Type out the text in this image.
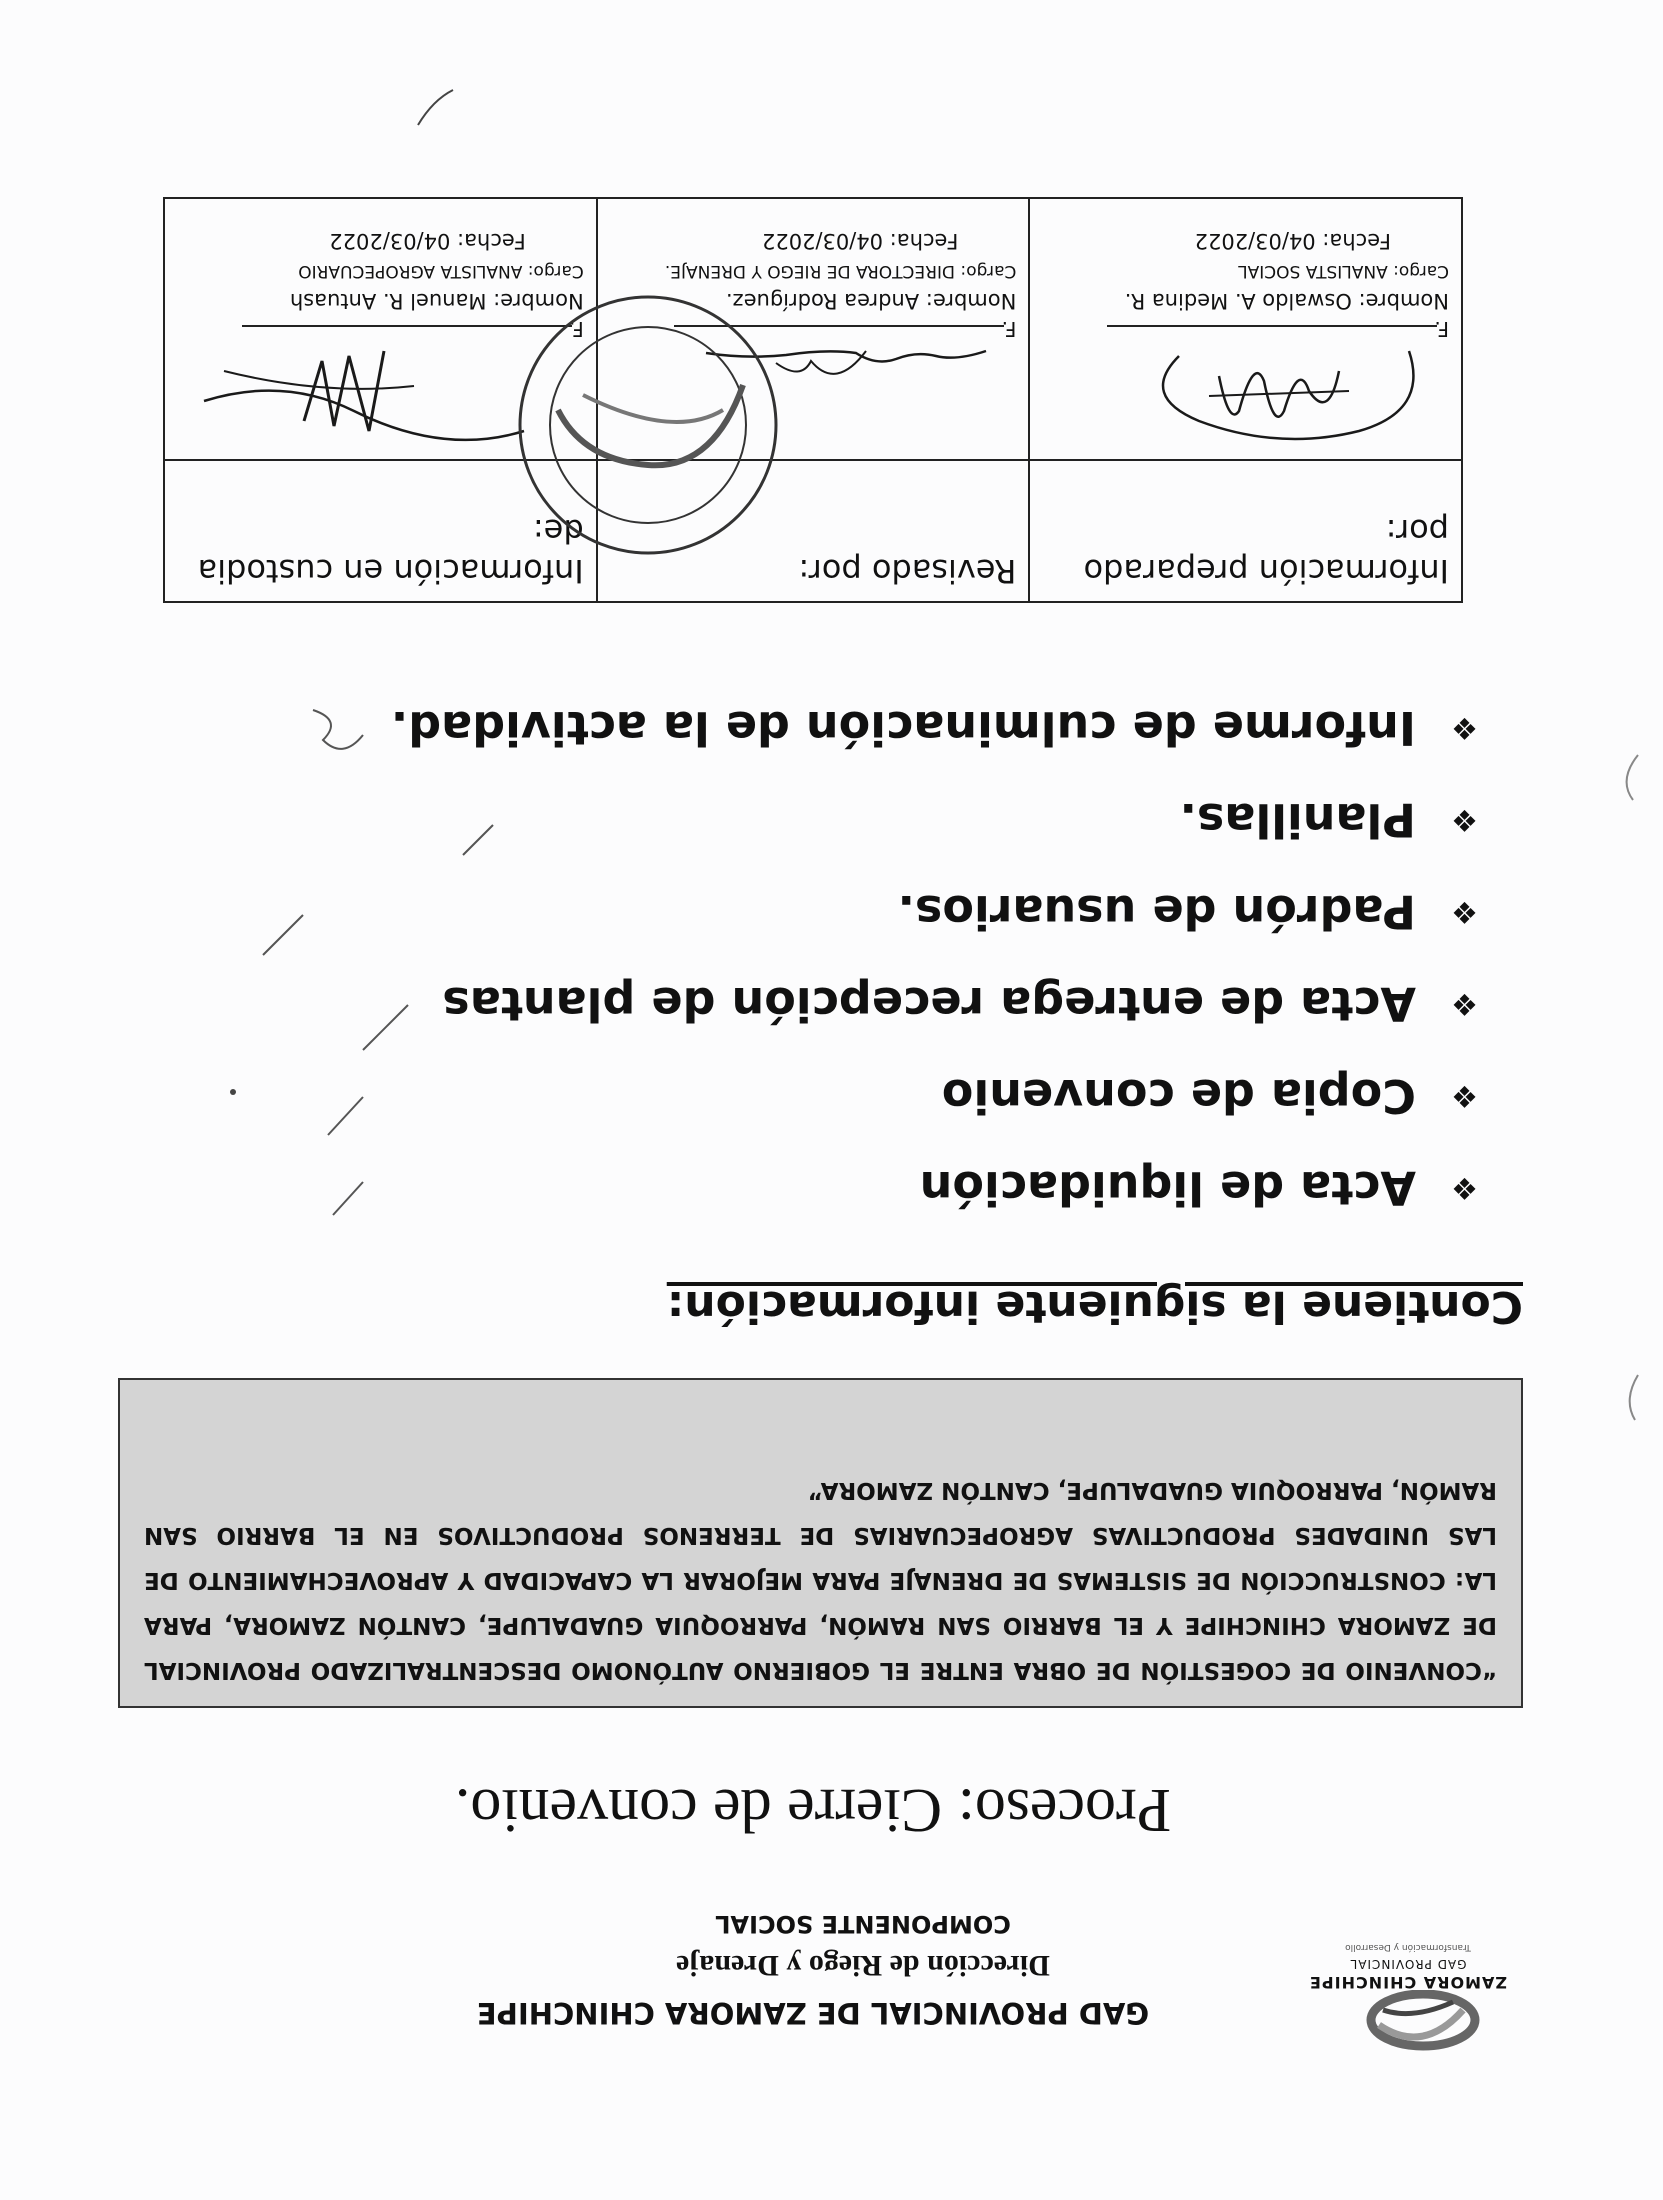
ZAMORA CHINCHIPE
GAD PROVINCIAL
Transformación y Desarrollo
GAD PROVINCIAL DE ZAMORA CHINCHIPE
Dirección de Riego y Drenaje
COMPONENTE SOCIAL
Proceso: Cierre de convenio.
“CONVENIO DE COGESTIÓN DE OBRA ENTRE EL GOBIERNO AUTÓNOMO DESCENTRALIZADO PROVINCIAL DE ZAMORA CHINCHIPE Y EL BARRIO SAN RAMÓN, PARROQUIA GUADALUPE, CANTÓN ZAMORA, PARA LA: CONSTRUCCIÓN DE SISTEMAS DE DRENAJE PARA MEJORAR LA CAPACIDAD Y APROVECHAMIENTO DE LAS UNIDADES PRODUCTIVAS AGROPECUARIAS DE TERRENOS PRODUCTIVOS EN EL BARRIO SAN RAMÓN, PARROQUIA GUADALUPE, CANTÓN ZAMORA”
Contiene la siguiente información:
❖
Acta de liquidación
❖
Copia de convenio
❖
Acta de entrega recepción de plantas
❖
Padrón de usuarios.
❖
Planillas.
❖
Informe de culminación de la actividad.
Información preparado por:	Revisado por:	Información en custodia de:

F.
Nombre: Oswaldo A. Medina R.
Cargo: ANALISTA SOCIAL
Fecha: 04/03/2022	F.
Nombre: Andrea Rodríguez.
Cargo: DIRECTORA DE RIEGO Y DRENAJE.
Fecha: 04/03/2022	F.
Nombre: Manuel R. Antuash
Cargo: ANALISTA AGROPECUARIO
Fecha: 04/03/2022
